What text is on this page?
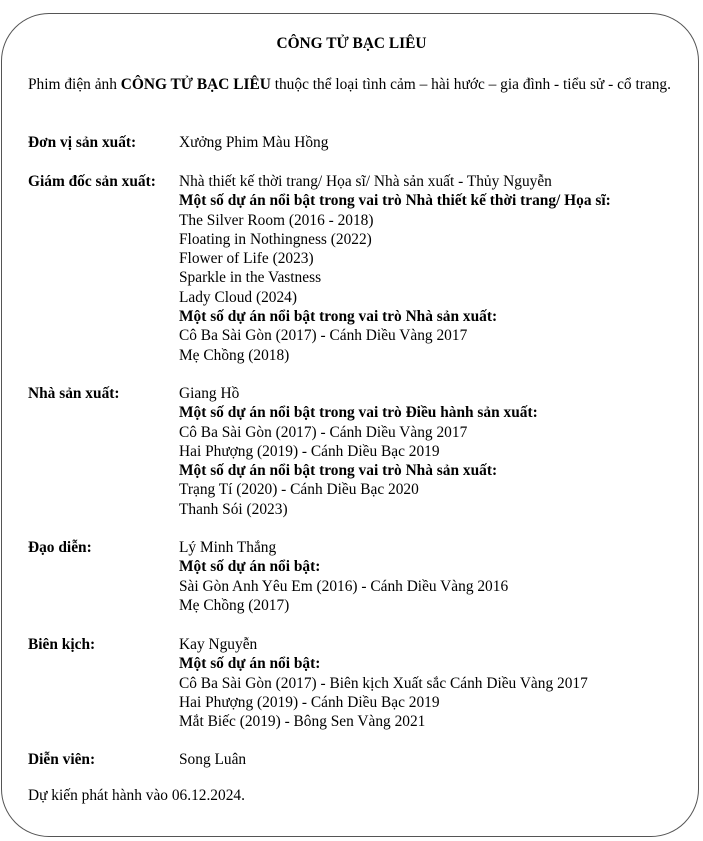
CÔNG TỬ BẠC LIÊU
Phim điện ảnh CÔNG TỬ BẠC LIÊU thuộc thể loại tình cảm – hài hước – gia đình - tiểu sử - cổ trang.
Đơn vị sản xuất:	Xưởng Phim Màu Hồng
Giám đốc sản xuất:	Nhà thiết kế thời trang/ Họa sĩ/ Nhà sản xuất - Thủy Nguyễn
Một số dự án nổi bật trong vai trò Nhà thiết kế thời trang/ Họa sĩ:
The Silver Room (2016 - 2018)
Floating in Nothingness (2022)
Flower of Life (2023)
Sparkle in the Vastness
Lady Cloud (2024)
Một số dự án nổi bật trong vai trò Nhà sản xuất:
Cô Ba Sài Gòn (2017) - Cánh Diều Vàng 2017
Mẹ Chồng (2018)
Nhà sản xuất:	Giang Hồ
Một số dự án nổi bật trong vai trò Điều hành sản xuất:
Cô Ba Sài Gòn (2017) - Cánh Diều Vàng 2017
Hai Phượng (2019) - Cánh Diều Bạc 2019
Một số dự án nổi bật trong vai trò Nhà sản xuất:
Trạng Tí (2020) - Cánh Diều Bạc 2020
Thanh Sói (2023)
Đạo diễn:	Lý Minh Thắng
Một số dự án nổi bật:
Sài Gòn Anh Yêu Em (2016) - Cánh Diều Vàng 2016
Mẹ Chồng (2017)
Biên kịch:	Kay Nguyễn
Một số dự án nổi bật:
Cô Ba Sài Gòn (2017) - Biên kịch Xuất sắc Cánh Diều Vàng 2017
Hai Phượng (2019) - Cánh Diều Bạc 2019
Mắt Biếc (2019) - Bông Sen Vàng 2021
Diễn viên:	Song Luân
Dự kiến phát hành vào 06.12.2024.
